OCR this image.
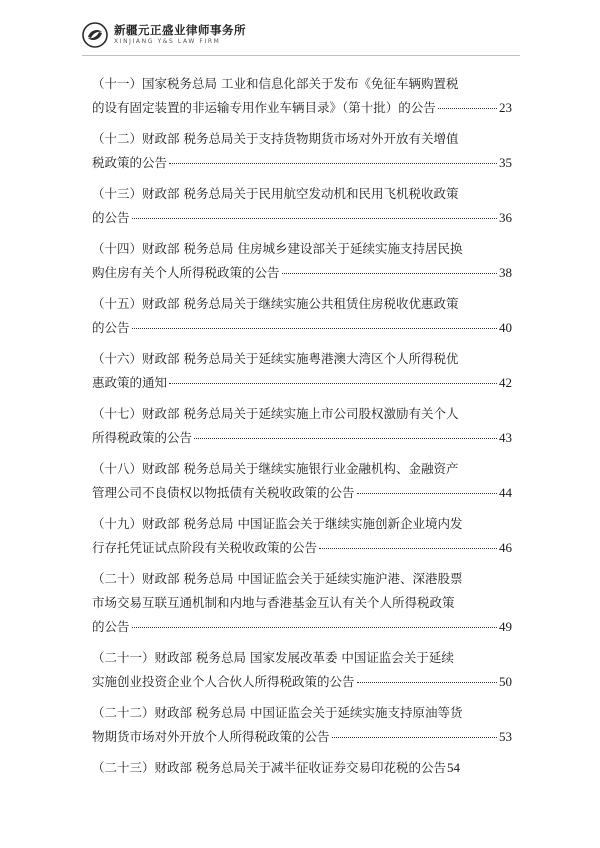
新疆元正盛业律师事务所
XINJIANG Y&S LAW FIRM
（十一）国家税务总局 工业和信息化部关于发布《免征车辆购置税
的设有固定装置的非运输专用作业车辆目录》（第十批）的公告	23
（十二）财政部 税务总局关于支持货物期货市场对外开放有关增值
税政策的公告	35
（十三）财政部 税务总局关于民用航空发动机和民用飞机税收政策
的公告	36
（十四）财政部 税务总局 住房城乡建设部关于延续实施支持居民换
购住房有关个人所得税政策的公告	38
（十五）财政部 税务总局关于继续实施公共租赁住房税收优惠政策
的公告	40
（十六）财政部 税务总局关于延续实施粤港澳大湾区个人所得税优
惠政策的通知	42
（十七）财政部 税务总局关于延续实施上市公司股权激励有关个人
所得税政策的公告	43
（十八）财政部 税务总局关于继续实施银行业金融机构、金融资产
管理公司不良债权以物抵债有关税收政策的公告	44
（十九）财政部 税务总局 中国证监会关于继续实施创新企业境内发
行存托凭证试点阶段有关税收政策的公告	46
（二十）财政部 税务总局 中国证监会关于延续实施沪港、深港股票
市场交易互联互通机制和内地与香港基金互认有关个人所得税政策
的公告	49
（二十一）财政部 税务总局 国家发展改革委 中国证监会关于延续
实施创业投资企业个人合伙人所得税政策的公告	50
（二十二）财政部 税务总局 中国证监会关于延续实施支持原油等货
物期货市场对外开放个人所得税政策的公告	53
（二十三）财政部 税务总局关于减半征收证券交易印花税的公告 54
